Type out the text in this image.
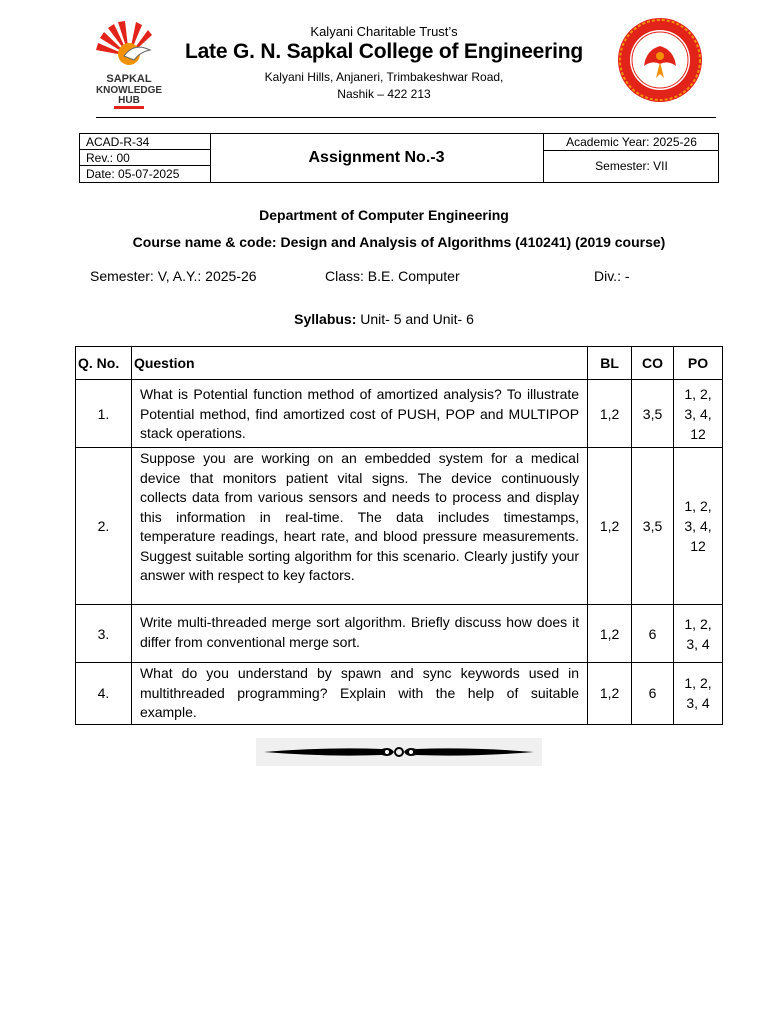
SAPKAL
KNOWLEDGE
HUB
Kalyani Charitable Trust’s
Late G. N. Sapkal College of Engineering
Kalyani Hills, Anjaneri, Trimbakeshwar Road,
Nashik – 422 213
ACAD-R-34
Rev.: 00
Date: 05-07-2025
Assignment No.-3
Academic Year: 2025-26
Semester: VII
Department of Computer Engineering
Course name & code: Design and Analysis of Algorithms (410241) (2019 course)
Semester: V, A.Y.: 2025-26	Class: B.E. Computer	Div.: -
Syllabus: Unit- 5 and Unit- 6
Q. No.	Question	BL	CO	PO
1.	What is Potential function method of amortized analysis? To illustrate Potential method, find amortized cost of PUSH, POP and MULTIPOP stack operations.	1,2	3,5	1, 2, 3, 4, 12
2.	Suppose you are working on an embedded system for a medical device that monitors patient vital signs. The device continuously collects data from various sensors and needs to process and display this information in real-time. The data includes timestamps, temperature readings, heart rate, and blood pressure measurements. Suggest suitable sorting algorithm for this scenario. Clearly justify your answer with respect to key factors.	1,2	3,5	1, 2, 3, 4, 12
3.	Write multi-threaded merge sort algorithm. Briefly discuss how does it differ from conventional merge sort.	1,2	6	1, 2, 3, 4
4.	What do you understand by spawn and sync keywords used in multithreaded programming? Explain with the help of suitable example.	1,2	6	1, 2, 3, 4
